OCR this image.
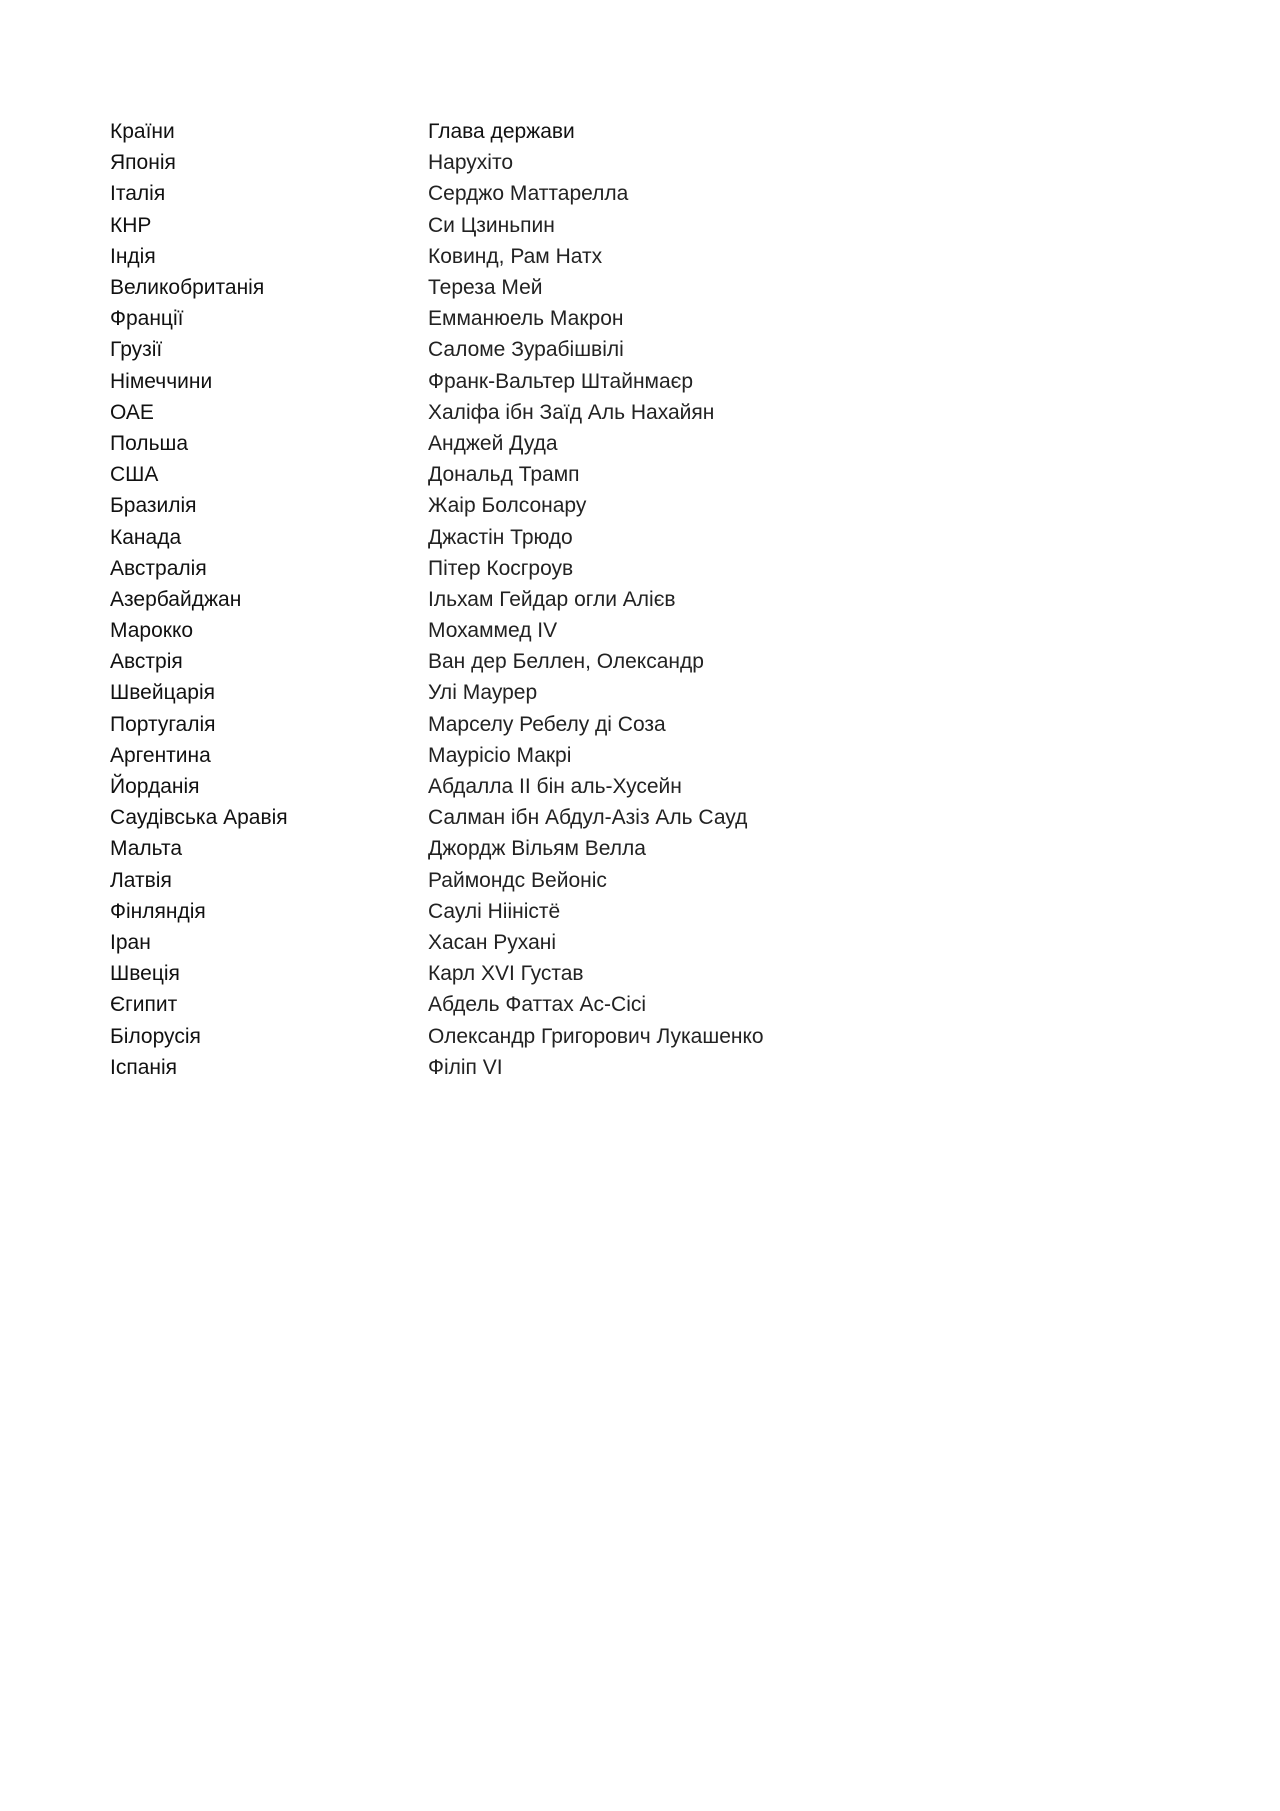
Країни	Глава держави
Японія	Нарухіто
Італія	Серджо Маттарелла
КНР	Си Цзиньпин
Індія	Ковинд, Рам Натх
Великобританія	Тереза Мей
Франції	Емманюель Макрон
Грузії	Саломе Зурабішвілі
Німеччини	Франк-Вальтер Штайнмаєр
ОАЕ	Халіфа ібн Заїд Аль Нахайян
Польша	Анджей Дуда
США	Дональд Трамп
Бразилія	Жаір Болсонару
Канада	Джастін Трюдо
Австралія	Пітер Косгроув
Азербайджан	Ільхам Гейдар огли Алієв
Марокко	Мохаммед IV
Австрія	Ван дер Беллен, Олександр
Швейцарія	Улі Маурер
Португалія	Марселу Ребелу ді Соза
Аргентина	Маурісіо Макрі
Йорданія	Абдалла II бін аль-Хусейн
Саудівська Аравія	Салман ібн Абдул-Азіз Аль Сауд
Мальта	Джордж Вільям Велла
Латвія	Раймондс Вейоніс
Фінляндія	Саулі Нііністё
Іран	Хасан Рухані
Швеція	Карл XVI Густав
Єгипит	Абдель Фаттах Ас-Сісі
Білорусія	Олександр Григорович Лукашенко
Іспанія	Філіп VI
